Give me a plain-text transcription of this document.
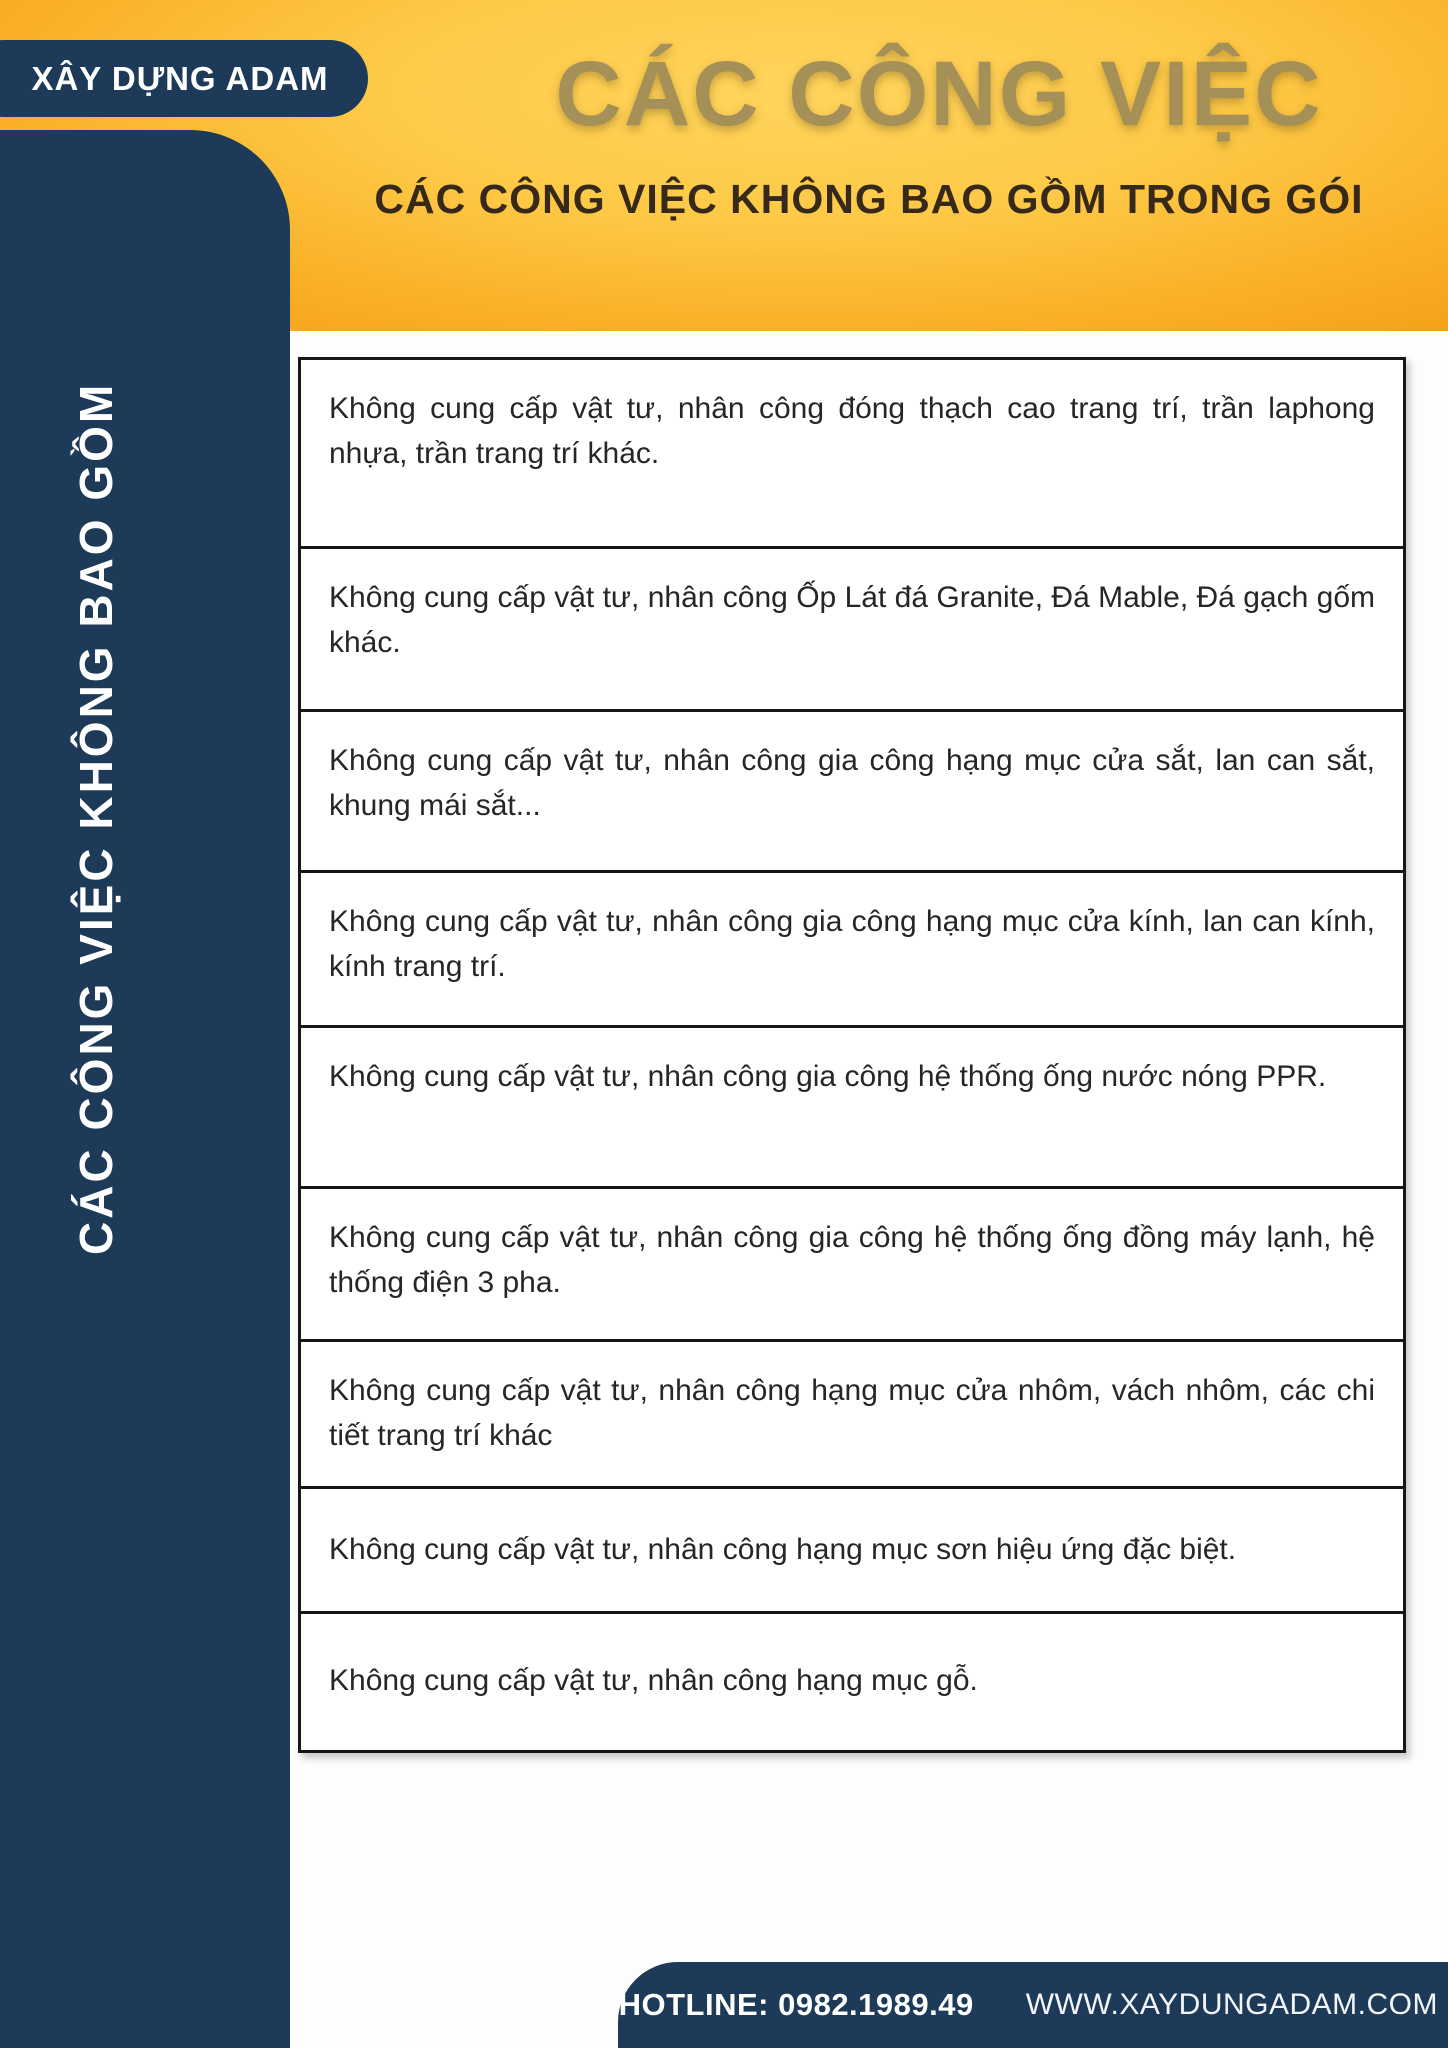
XÂY DỰNG ADAM	CÁC CÔNG VIỆC
CÁC CÔNG VIỆC KHÔNG BAO GỒM TRONG GÓI
CÁC CÔNG VIỆC KHÔNG BAO GỒM	Không cung cấp vật tư, nhân công đóng thạch cao trang trí, trần laphong nhựa, trần trang trí khác.

Không cung cấp vật tư, nhân công Ốp Lát đá Granite, Đá Mable, Đá gạch gốm khác.

Không cung cấp vật tư, nhân công gia công hạng mục cửa sắt, lan can sắt, khung mái sắt...

Không cung cấp vật tư, nhân công gia công hạng mục cửa kính, lan can kính, kính trang trí.

Không cung cấp vật tư, nhân công gia công hệ thống ống nước nóng PPR.

Không cung cấp vật tư, nhân công gia công hệ thống ống đồng máy lạnh, hệ thống điện 3 pha.

Không cung cấp vật tư, nhân công hạng mục cửa nhôm, vách nhôm, các chi tiết trang trí khác

Không cung cấp vật tư, nhân công hạng mục sơn hiệu ứng đặc biệt.

Không cung cấp vật tư, nhân công hạng mục gỗ.

HOTLINE: 0982.1989.49 WWW.XAYDUNGADAM.COM
